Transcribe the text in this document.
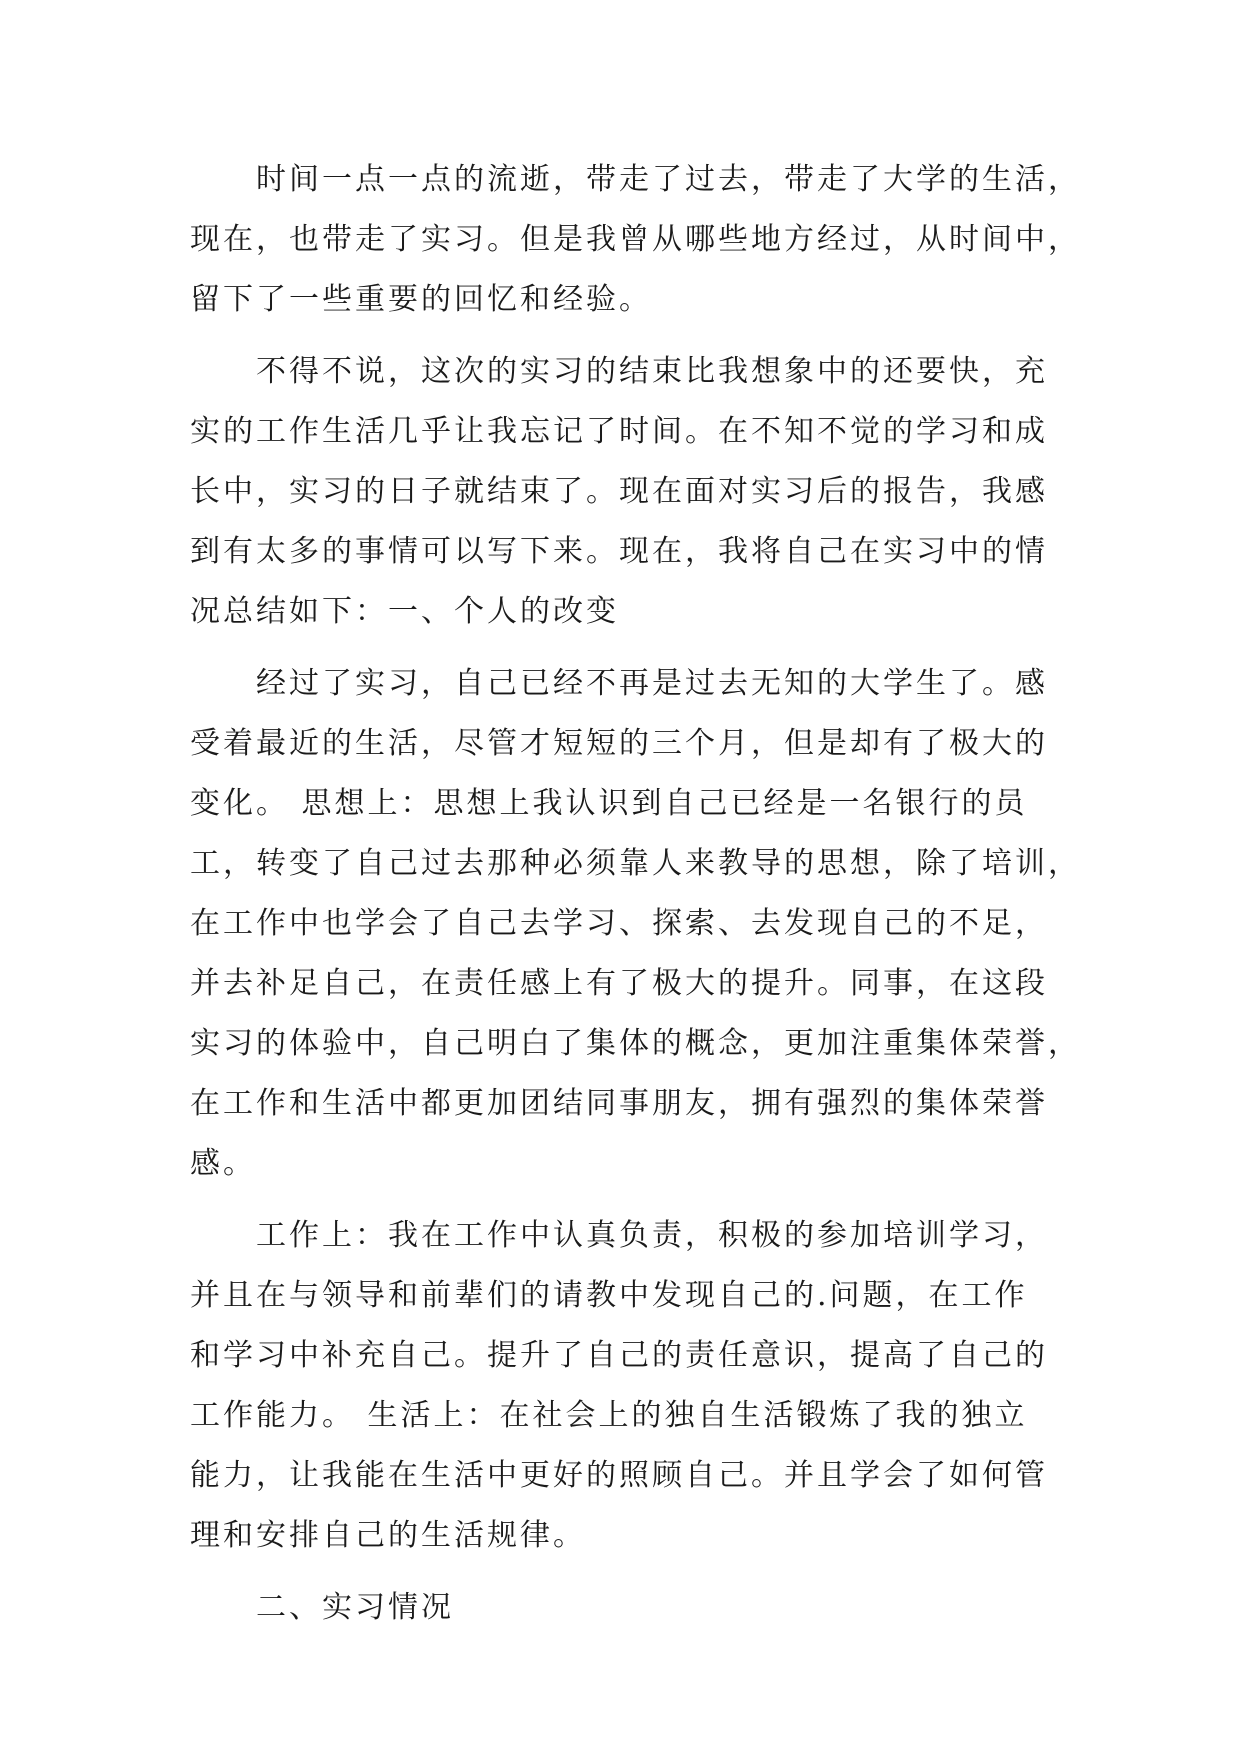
　　时间一点一点的流逝，带走了过去，带走了大学的生活，
现在，也带走了实习。但是我曾从哪些地方经过，从时间中，
留下了一些重要的回忆和经验。
　　不得不说，这次的实习的结束比我想象中的还要快，充
实的工作生活几乎让我忘记了时间。在不知不觉的学习和成
长中，实习的日子就结束了。现在面对实习后的报告，我感
到有太多的事情可以写下来。现在，我将自己在实习中的情
况总结如下：一、个人的改变
　　经过了实习，自己已经不再是过去无知的大学生了。感
受着最近的生活，尽管才短短的三个月，但是却有了极大的
变化。 思想上：思想上我认识到自己已经是一名银行的员
工，转变了自己过去那种必须靠人来教导的思想，除了培训，
在工作中也学会了自己去学习、探索、去发现自己的不足，
并去补足自己，在责任感上有了极大的提升。同事，在这段
实习的体验中，自己明白了集体的概念，更加注重集体荣誉，
在工作和生活中都更加团结同事朋友，拥有强烈的集体荣誉
感。
　　工作上：我在工作中认真负责，积极的参加培训学习，
并且在与领导和前辈们的请教中发现自己的.问题，在工作
和学习中补充自己。提升了自己的责任意识，提高了自己的
工作能力。 生活上：在社会上的独自生活锻炼了我的独立
能力，让我能在生活中更好的照顾自己。并且学会了如何管
理和安排自己的生活规律。
　　二、实习情况
